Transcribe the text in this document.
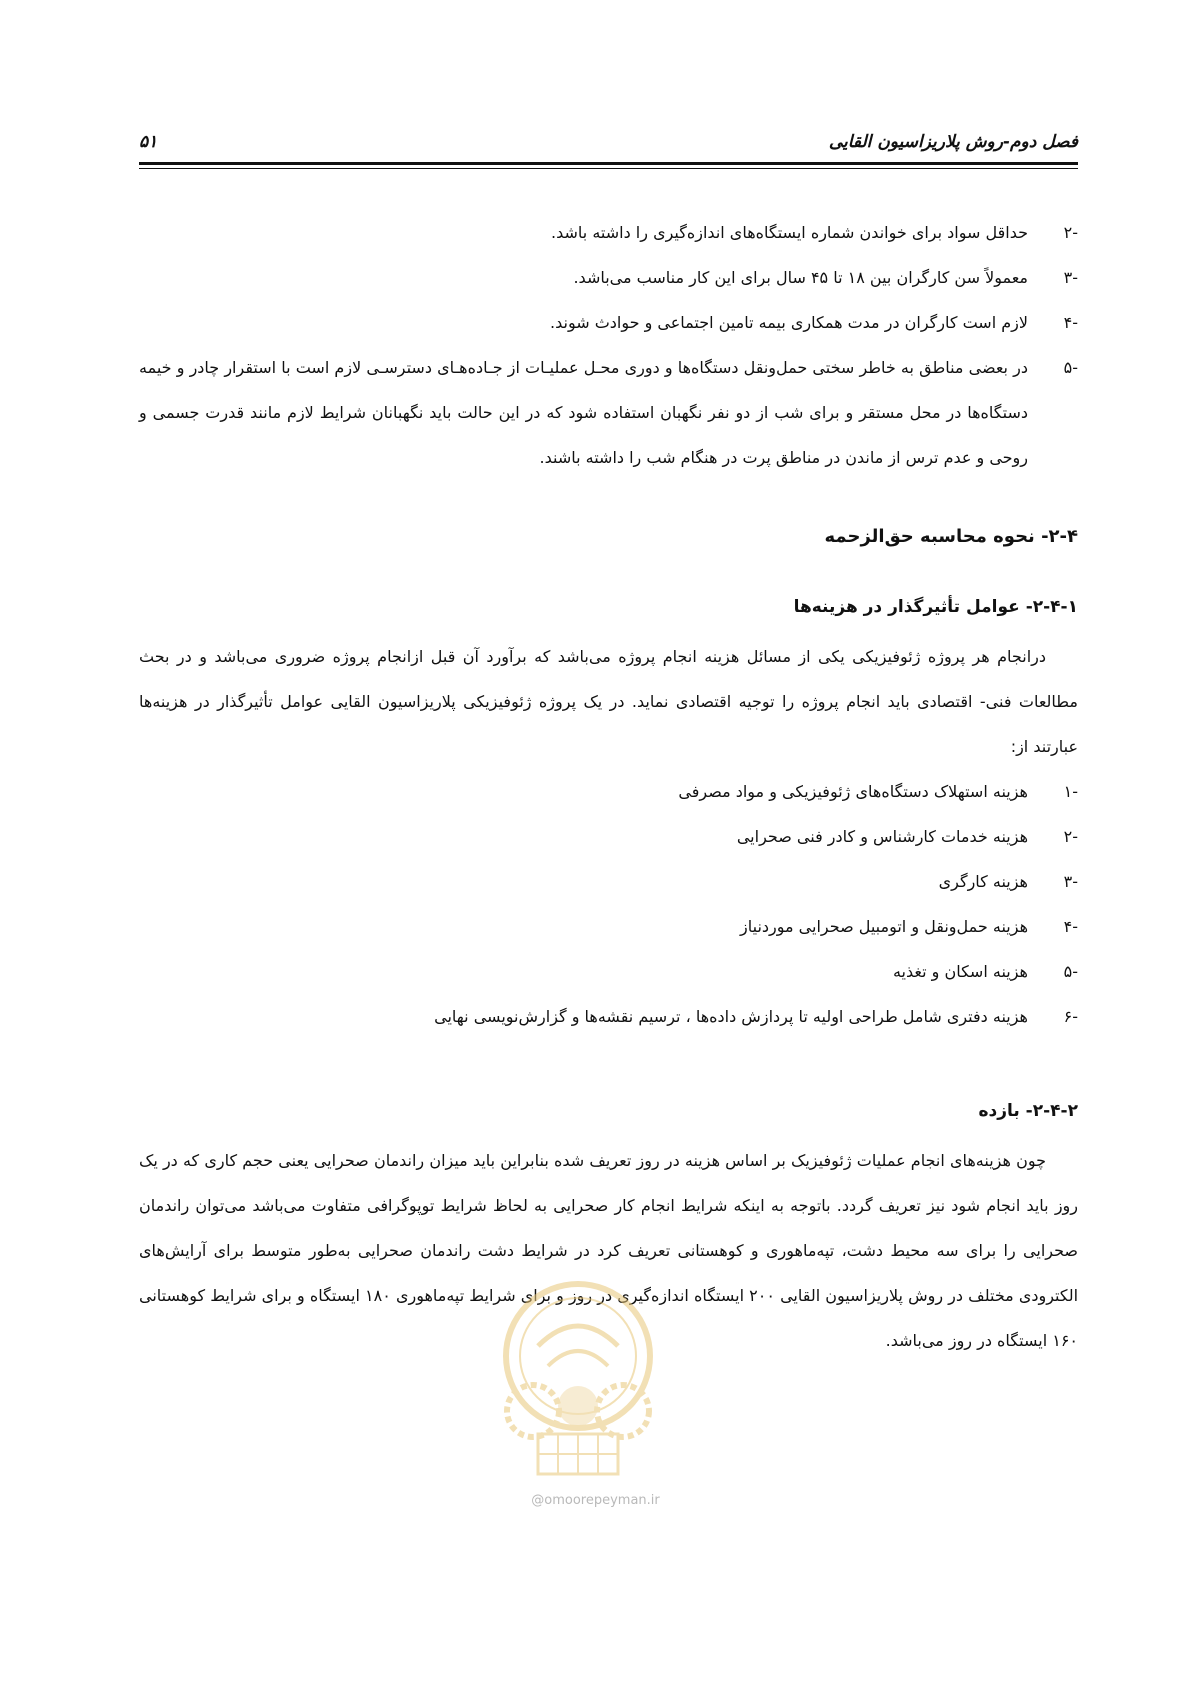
فصل دوم-روش پلاریزاسیون القایی
۵۱
-۲
حداقل سواد برای خواندن شماره ایستگاه‌های اندازه‌گیری را داشته باشد.
-۳
معمولاً سن کارگران بین ۱۸ تا ۴۵ سال برای این کار مناسب می‌باشد.
-۴
لازم است کارگران در مدت همکاری بیمه تامین اجتماعی و حوادث شوند.
-۵
در بعضی مناطق به خاطر سختی حمل‌ونقل دستگاه‌ها و دوری محـل عملیـات از جـاده‌هـای دسترسـی لازم است با استقرار چادر و خیمه دستگاه‌ها در محل مستقر و برای شب از دو نفر نگهبان استفاده شود که در این حالت باید نگهبانان شرایط لازم مانند قدرت جسمی و روحی و عدم ترس از ماندن در مناطق پرت در هنگام شب را داشته باشند.

۲-۴- نحوه محاسبه حق‌الزحمه

۲-۴-۱- عوامل تأثیرگذار در هزینه‌ها

درانجام هر پروژه ژئوفیزیکی یکی از مسائل هزینه انجام پروژه می‌باشد که برآورد آن قبل ازانجام پروژه ضروری می‌باشد و در بحث مطالعات فنی- اقتصادی باید انجام پروژه را توجیه اقتصادی نماید. در یک پروژه ژئوفیزیکی پلاریزاسیون القایی عوامل تأثیرگذار در هزینه‌ها عبارتند از:

-۱
هزینه استهلاک دستگاه‌های ژئوفیزیکی و مواد مصرفی
-۲
هزینه خدمات کارشناس و کادر فنی صحرایی
-۳
هزینه کارگری
-۴
هزینه حمل‌ونقل و اتومبیل صحرایی موردنیاز
-۵
هزینه اسکان و تغذیه
-۶
هزینه دفتری شامل طراحی اولیه تا پردازش داده‌ها ، ترسیم نقشه‌ها و گزارش‌نویسی نهایی

۲-۴-۲- بازده

چون هزینه‌های انجام عملیات ژئوفیزیک بر اساس هزینه در روز تعریف شده بنابراین باید میزان راندمان صحرایی یعنی حجم کاری که در یک روز باید انجام شود نیز تعریف گردد. باتوجه به اینکه شرایط انجام کار صحرایی به لحاظ شرایط توپوگرافی متفاوت می‌باشد می‌توان راندمان صحرایی را برای سه محیط دشت، تپه‌ماهوری و کوهستانی تعریف کرد در شرایط دشت راندمان صحرایی به‌طور متوسط برای آرایش‌های الکترودی مختلف در روش پلاریزاسیون القایی ۲۰۰ ایستگاه اندازه‌گیری در روز و برای شرایط تپه‌ماهوری ۱۸۰ ایستگاه و برای شرایط کوهستانی ۱۶۰ ایستگاه در روز می‌باشد.

@omoorepeyman.ir
